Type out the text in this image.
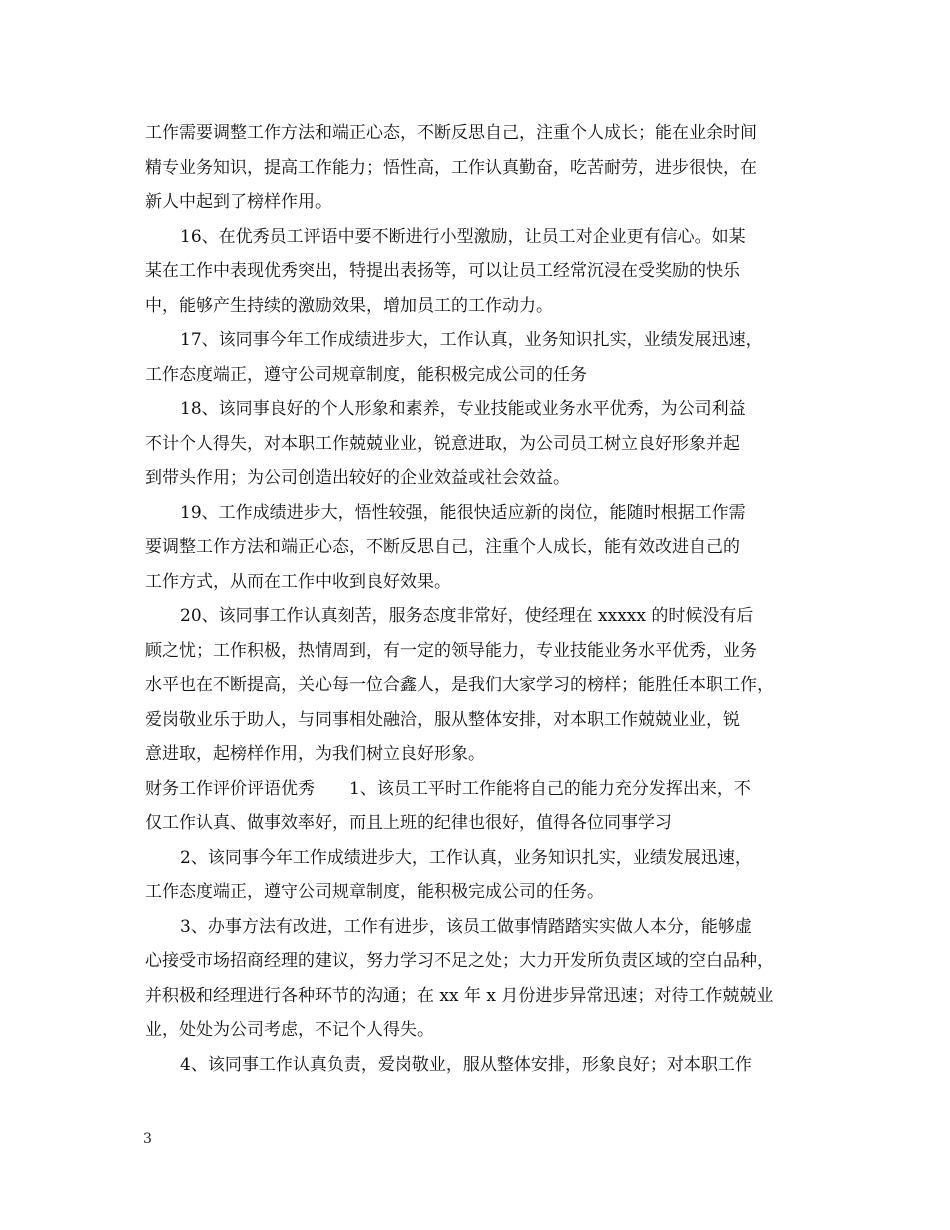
工作需要调整工作方法和端正心态，不断反思自己，注重个人成长；能在业余时间
精专业务知识，提高工作能力；悟性高，工作认真勤奋，吃苦耐劳，进步很快，在
新人中起到了榜样作用。
16、在优秀员工评语中要不断进行小型激励，让员工对企业更有信心。如某
某在工作中表现优秀突出，特提出表扬等，可以让员工经常沉浸在受奖励的快乐
中，能够产生持续的激励效果，增加员工的工作动力。
17、该同事今年工作成绩进步大，工作认真，业务知识扎实，业绩发展迅速，
工作态度端正，遵守公司规章制度，能积极完成公司的任务
18、该同事良好的个人形象和素养，专业技能或业务水平优秀，为公司利益
不计个人得失，对本职工作兢兢业业，锐意进取，为公司员工树立良好形象并起
到带头作用；为公司创造出较好的企业效益或社会效益。
19、工作成绩进步大，悟性较强，能很快适应新的岗位，能随时根据工作需
要调整工作方法和端正心态，不断反思自己，注重个人成长，能有效改进自己的
工作方式，从而在工作中收到良好效果。
20、该同事工作认真刻苦，服务态度非常好，使经理在 xxxxx 的时候没有后
顾之忧；工作积极，热情周到，有一定的领导能力，专业技能业务水平优秀，业务
水平也在不断提高，关心每一位合鑫人，是我们大家学习的榜样；能胜任本职工作，
爱岗敬业乐于助人，与同事相处融洽，服从整体安排，对本职工作兢兢业业，锐
意进取，起榜样作用，为我们树立良好形象。
财务工作评价评语优秀 1、该员工平时工作能将自己的能力充分发挥出来，不
仅工作认真、做事效率好，而且上班的纪律也很好，值得各位同事学习
2、该同事今年工作成绩进步大，工作认真，业务知识扎实，业绩发展迅速，
工作态度端正，遵守公司规章制度，能积极完成公司的任务。
3、办事方法有改进，工作有进步，该员工做事情踏踏实实做人本分，能够虚
心接受市场招商经理的建议，努力学习不足之处；大力开发所负责区域的空白品种，
并积极和经理进行各种环节的沟通；在 xx 年 x 月份进步异常迅速；对待工作兢兢业
业，处处为公司考虑，不记个人得失。
4、该同事工作认真负责，爱岗敬业，服从整体安排，形象良好；对本职工作
3
